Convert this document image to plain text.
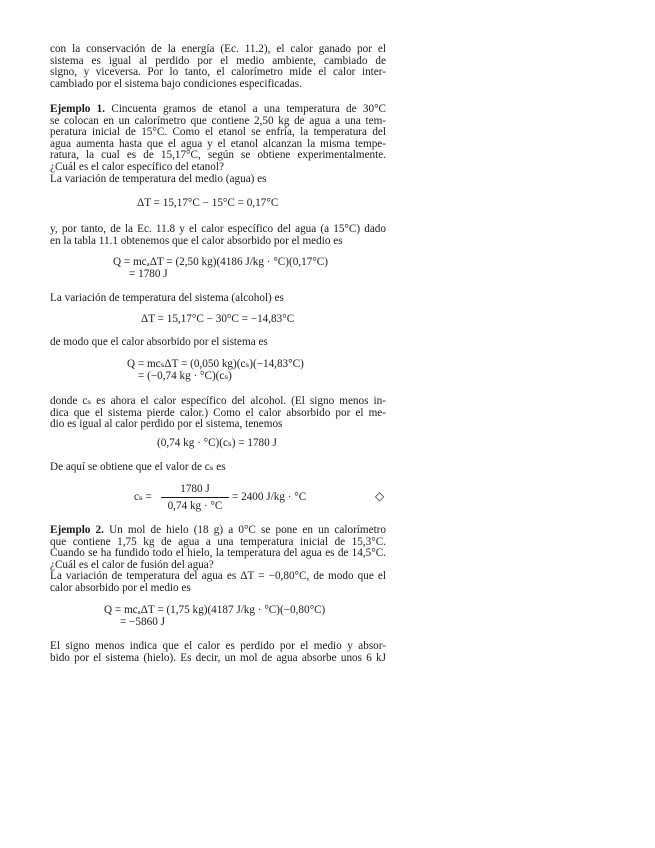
con la conservación de la energía (Ec. 11.2), el calor ganado por el
sistema es igual al perdido por el medio ambiente, cambiado de
signo, y viceversa. Por lo tanto, el calorímetro mide el calor inter-
cambiado por el sistema bajo condiciones especificadas.
Ejemplo 1. Cincuenta gramos de etanol a una temperatura de 30°C
se colocan en un calorímetro que contiene 2,50 kg de agua a una tem-
peratura inicial de 15°C. Como el etanol se enfría, la temperatura del
agua aumenta hasta que el agua y el etanol alcanzan la misma tempe-
ratura, la cual es de 15,17°C, según se obtiene experimentalmente.
¿Cuál es el calor específico del etanol?
La variación de temperatura del medio (agua) es
ΔT = 15,17°C − 15°C = 0,17°C
y, por tanto, de la Ec. 11.8 y el calor específico del agua (a 15°C) dado
en la tabla 11.1 obtenemos que el calor absorbido por el medio es
Q = mcₐΔT = (2,50 kg)(4186 J/kg · °C)(0,17°C)
= 1780 J
La variación de temperatura del sistema (alcohol) es
ΔT = 15,17°C − 30°C = −14,83°C
de modo que el calor absorbido por el sistema es
Q = mcₛΔT = (0,050 kg)(cₛ)(−14,83°C)
= (−0,74 kg · °C)(cₛ)
donde cₛ es ahora el calor específico del alcohol. (El signo menos in-
dica que el sistema pierde calor.) Como el calor absorbido por el me-
dio es igual al calor perdido por el sistema, tenemos
(0,74 kg · °C)(cₛ) = 1780 J
De aquí se obtiene que el valor de cₛ es
cₛ =
1780 J
0,74 kg · °C
= 2400 J/kg · °C	◇
Ejemplo 2. Un mol de hielo (18 g) a 0°C se pone en un calorímetro
que contiene 1,75 kg de agua a una temperatura inicial de 15,3°C.
Cuando se ha fundido todo el hielo, la temperatura del agua es de 14,5°C.
¿Cuál es el calor de fusión del agua?
La variación de temperatura del agua es ΔT = −0,80°C, de modo que el
calor absorbido por el medio es
Q = mcₐΔT = (1,75 kg)(4187 J/kg · °C)(−0,80°C)
= −5860 J
El signo menos indica que el calor es perdido por el medio y absor-
bido por el sistema (hielo). Es decir, un mol de agua absorbe unos 6 kJ
